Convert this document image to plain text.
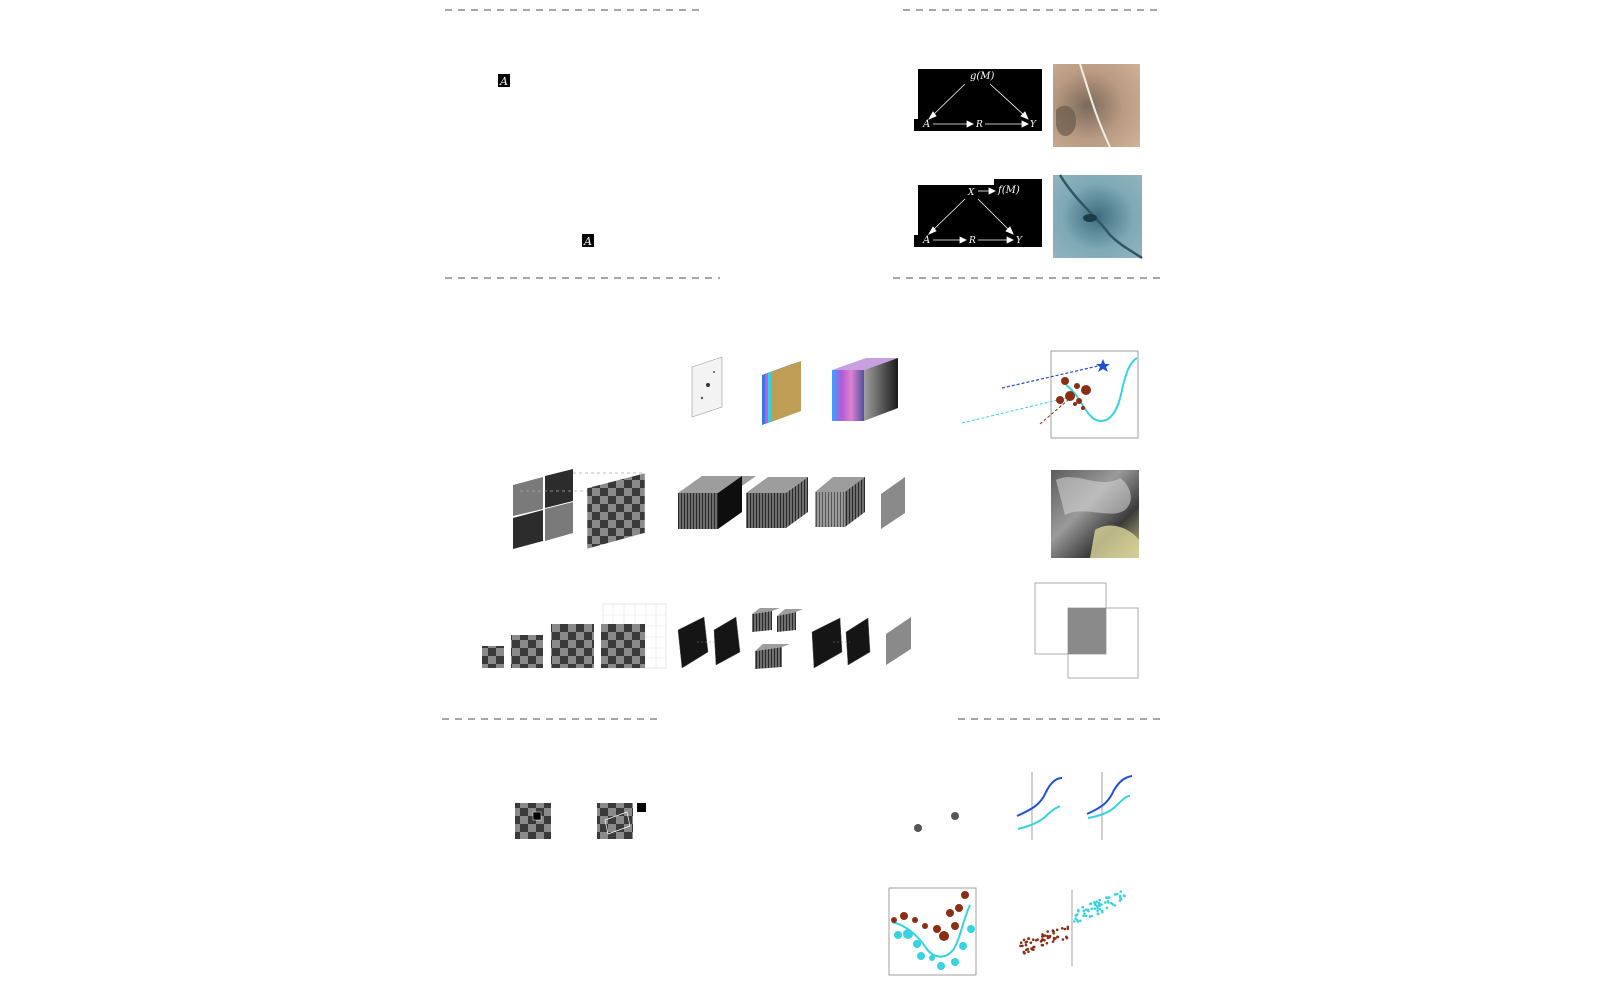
A
A
g(M)
A	R	Y
X f(M)
A	R	Y
